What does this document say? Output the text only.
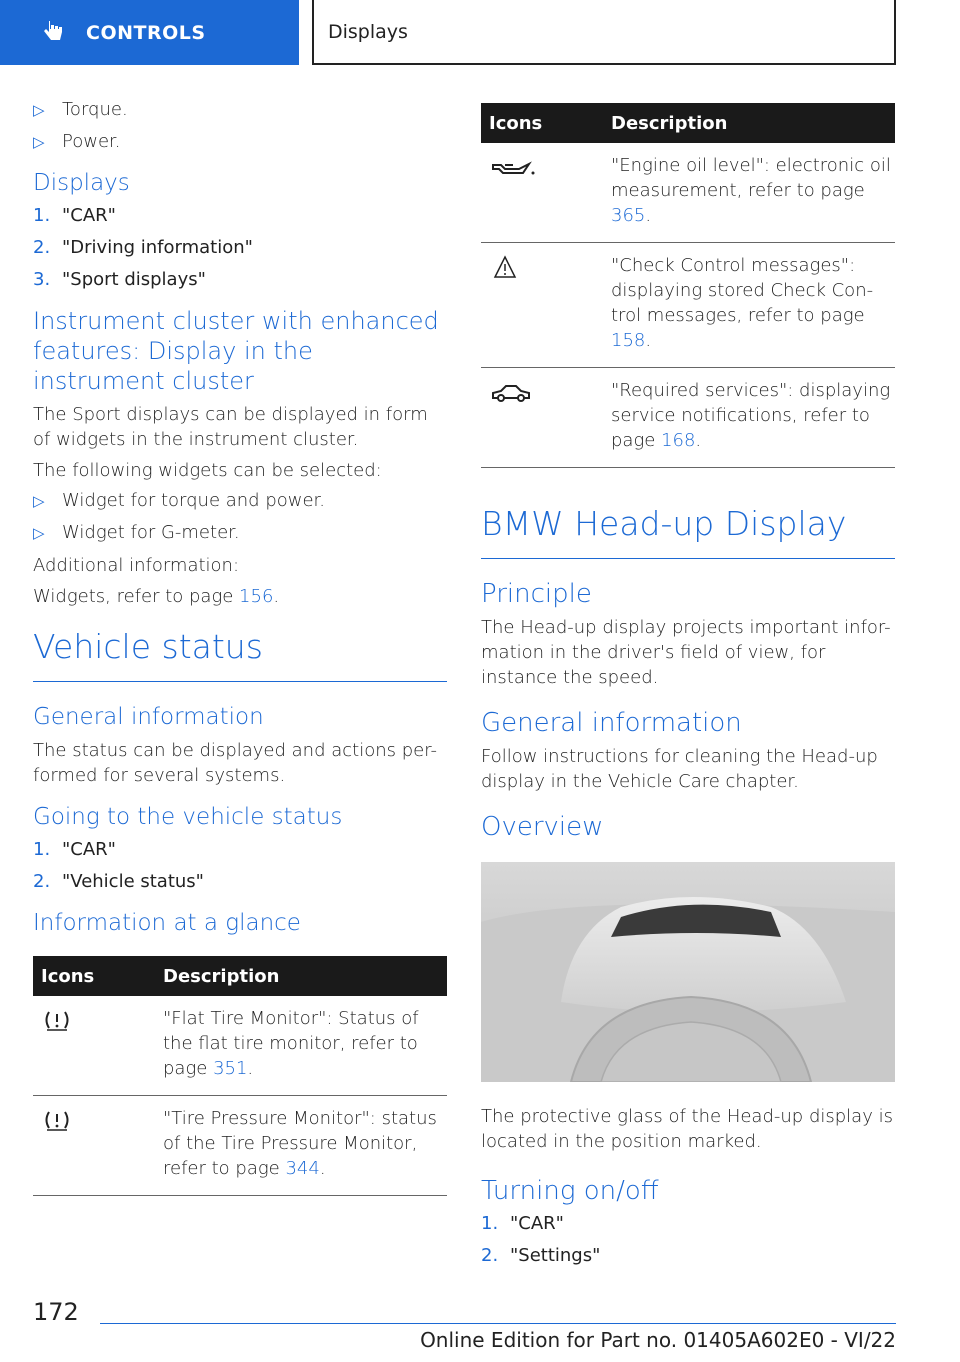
CONTROLS	Displays
▷ Torque.
▷ Power.
Displays
1. "CAR"
2. "Driving information"
3. "Sport displays"
Instrument cluster with enhanced features: Display in the instrument cluster
The Sport displays can be displayed in form of widgets in the instrument cluster.
The following widgets can be selected:
▷ Widget for torque and power.
▷ Widget for G-meter.
Additional information:
Widgets, refer to page 156.
Vehicle status
General information
The status can be displayed and actions per-formed for several systems.
Going to the vehicle status
1. "CAR"
2. "Vehicle status"
Information at a glance
Icons	Description
"Flat Tire Monitor": Status of the flat tire monitor, refer to page 351.
"Tire Pressure Monitor": status of the Tire Pressure Monitor, refer to page 344.
Icons	Description
"Engine oil level": electronic oil measurement, refer to page 365.
"Check Control messages": displaying stored Check Con-trol messages, refer to page 158.
"Required services": displaying service notifications, refer to page 168.
BMW Head-up Display
Principle
The Head-up display projects important infor-mation in the driver's field of view, for instance the speed.
General information
Follow instructions for cleaning the Head-up display in the Vehicle Care chapter.
Overview
The protective glass of the Head-up display is located in the position marked.
Turning on/off
1. "CAR"
2. "Settings"
172
Online Edition for Part no. 01405A602E0 - VI/22
